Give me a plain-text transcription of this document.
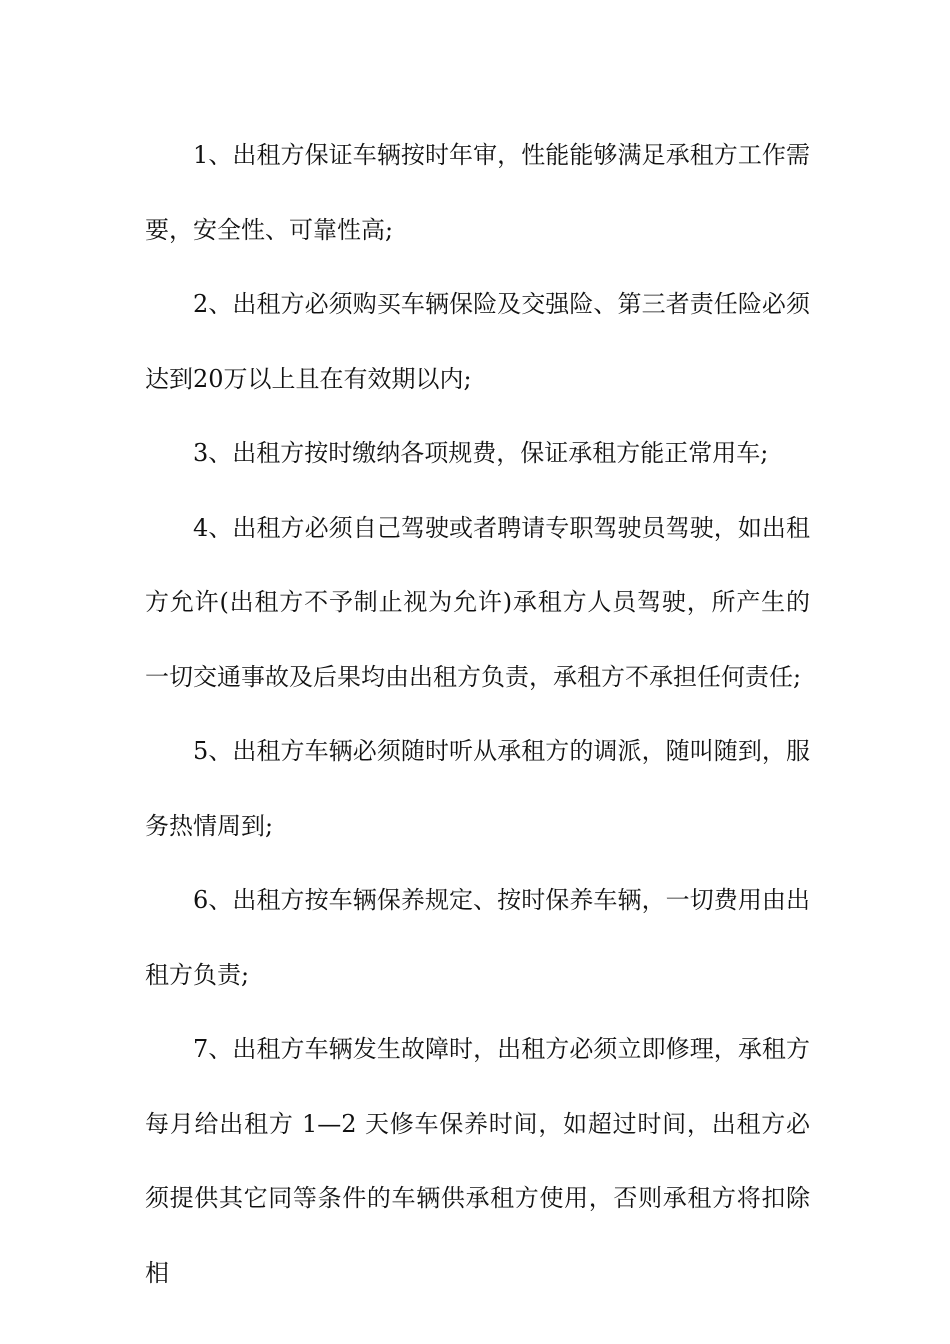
1、出租方保证车辆按时年审，性能能够满足承租方工作需要，安全性、可靠性高;

2、出租方必须购买车辆保险及交强险、第三者责任险必须达到20万以上且在有效期以内;

3、出租方按时缴纳各项规费，保证承租方能正常用车;

4、出租方必须自己驾驶或者聘请专职驾驶员驾驶，如出租方允许(出租方不予制止视为允许)承租方人员驾驶，所产生的一切交通事故及后果均由出租方负责，承租方不承担任何责任;

5、出租方车辆必须随时听从承租方的调派，随叫随到，服务热情周到;

6、出租方按车辆保养规定、按时保养车辆，一切费用由出租方负责;

7、出租方车辆发生故障时，出租方必须立即修理，承租方每月给出租方 1—2 天修车保养时间，如超过时间，出租方必须提供其它同等条件的车辆供承租方使用，否则承租方将扣除相
